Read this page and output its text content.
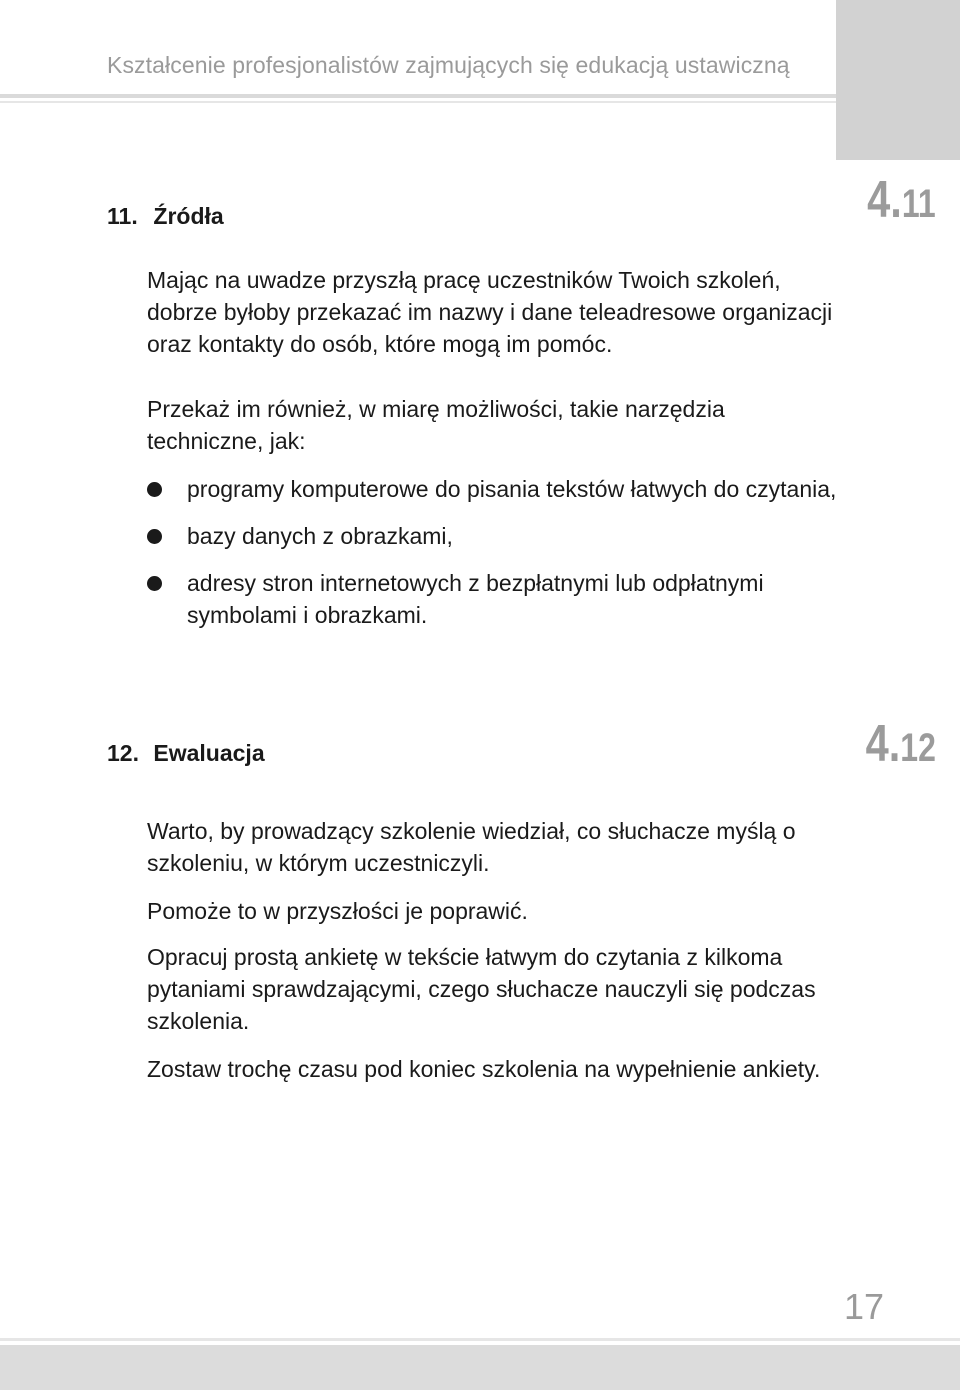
Kształcenie profesjonalistów zajmujących się edukacją ustawiczną
4.11
11. Źródła

Mając na uwadze przyszłą pracę uczestników Twoich szkoleń, dobrze byłoby przekazać im nazwy i dane teleadresowe organizacji oraz kontakty do osób, które mogą im pomóc.

Przekaż im również, w miarę możliwości, takie narzędzia techniczne, jak:

programy komputerowe do pisania tekstów łatwych do czytania,
bazy danych z obrazkami,
adresy stron internetowych z bezpłatnymi lub odpłatnymi symbolami i obrazkami.
4.12
12. Ewaluacja

Warto, by prowadzący szkolenie wiedział, co słuchacze myślą o szkoleniu, w którym uczestniczyli.

Pomoże to w przyszłości je poprawić.

Opracuj prostą ankietę w tekście łatwym do czytania z kilkoma pytaniami sprawdzającymi, czego słuchacze nauczyli się podczas szkolenia.

Zostaw trochę czasu pod koniec szkolenia na wypełnienie ankiety.

17
